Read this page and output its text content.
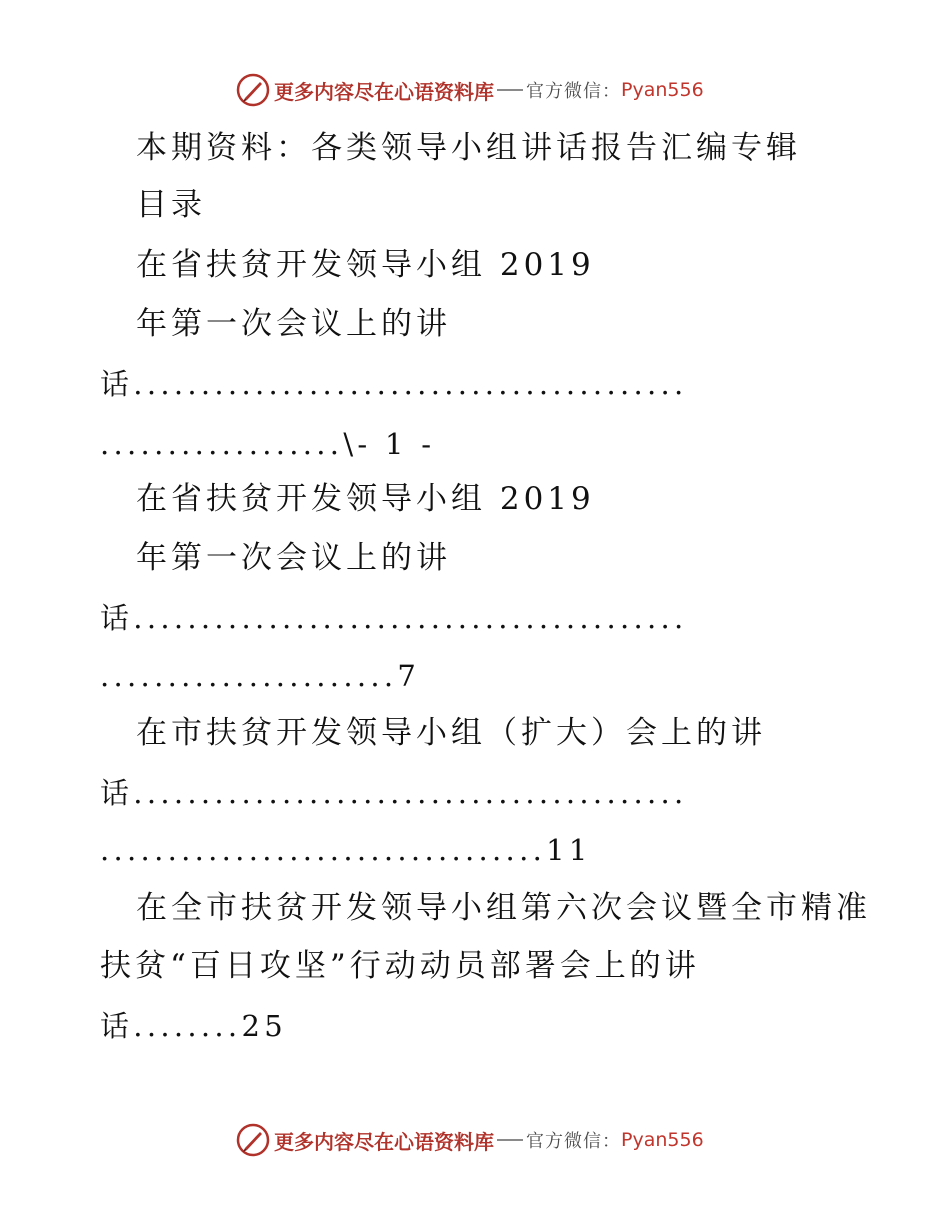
更多内容尽在心语资料库 官方微信： Pyan556
本期资料：各类领导小组讲话报告汇编专辑
目录
在省扶贫开发领导小组 2019
年第一次会议上的讲
话.........................................
..................\- 1 -
在省扶贫开发领导小组 2019
年第一次会议上的讲
话.........................................
......................7
在市扶贫开发领导小组（扩大）会上的讲
话.........................................
.................................11
在全市扶贫开发领导小组第六次会议暨全市精准
扶贫“百日攻坚”行动动员部署会上的讲
话........25
更多内容尽在心语资料库 官方微信： Pyan556
